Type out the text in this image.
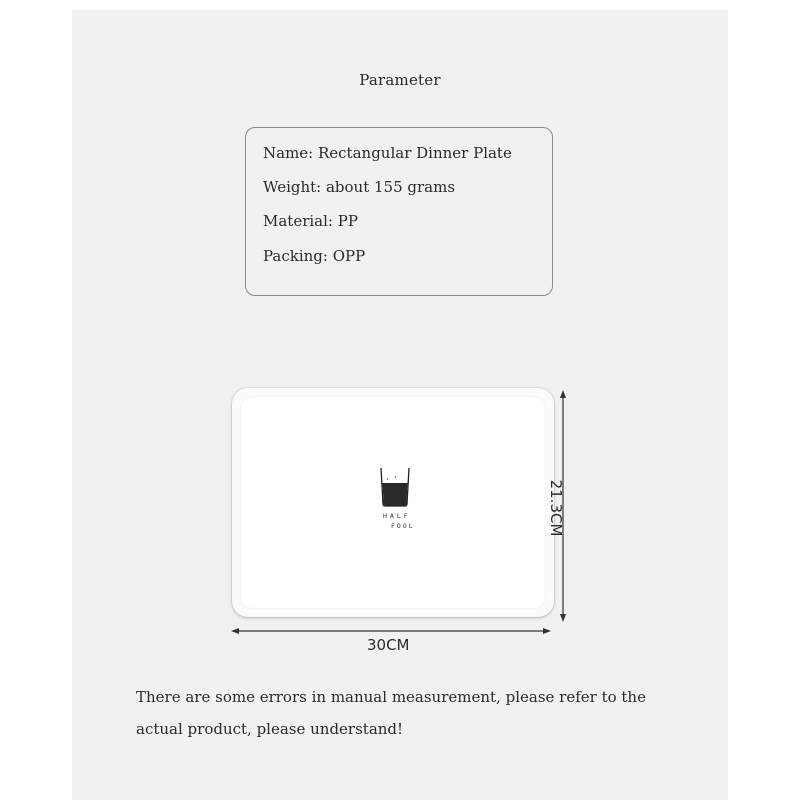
Parameter
Name: Rectangular Dinner Plate
Weight: about 155 grams
Material: PP
Packing: OPP
HALF
FOOL
30CM
21.3CM
There are some errors in manual measurement, please refer to the
actual product, please understand!
